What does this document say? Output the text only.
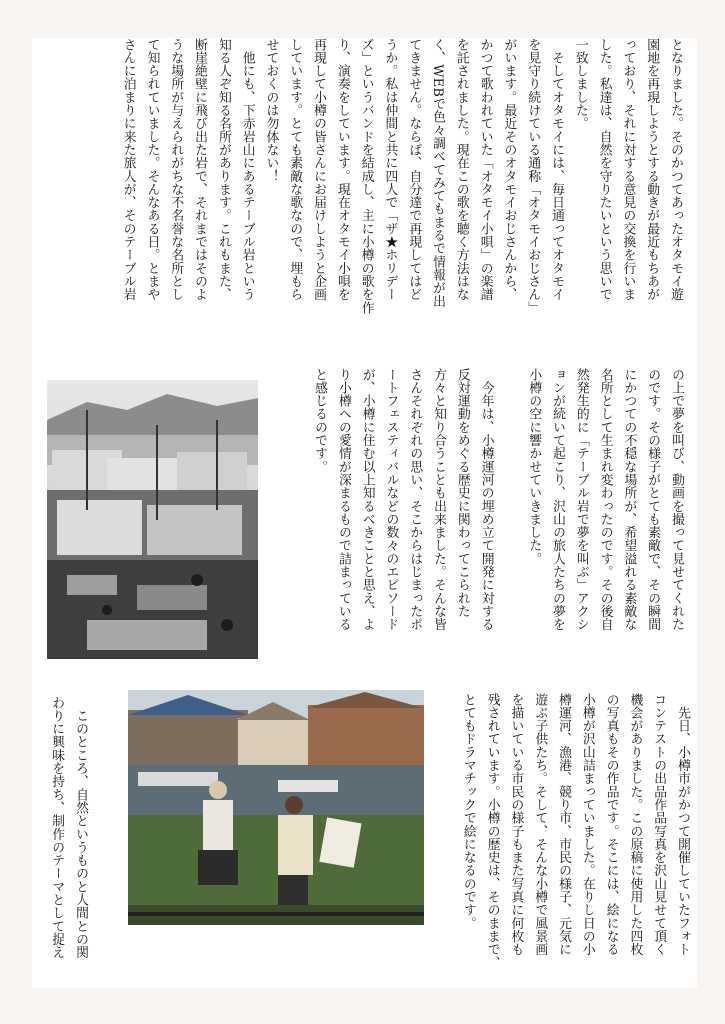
となりました。そのかつてあったオタモイ遊
園地を再現しようとする動きが最近もちあが
っており、それに対する意見の交換を行いま
した。私達は、自然を守りたいという思いで
一致しました。
　そしてオタモイには、毎日通ってオタモイ
を見守り続けている通称「オタモイおじさん」
がいます。最近そのオタモイおじさんから、
かつて歌われていた「オタモイ小唄」の楽譜
を託されました。現在この歌を聴く方法はな
く、WEBで色々調べてみてもまるで情報が出
てきません。ならば、自分達で再現してはど
うか。私は仲間と共に四人で「ザ★ホリデー
ズ」というバンドを結成し、主に小樽の歌を作
り、演奏をしています。現在オタモイ小唄を
再現して小樽の皆さんにお届けしようと企画
しています。とても素敵な歌なので、埋もら
せておくのは勿体ない！
　他にも、下赤岩山にあるテーブル岩という
知る人ぞ知る名所があります。これもまた、
断崖絶壁に飛び出た岩で、それまではそのよ
うな場所が与えられがちな不名誉な名所とし
て知られていました。そんなある日。とまや
さんに泊まりに来た旅人が、そのテーブル岩
の上で夢を叫び、動画を撮って見せてくれた
のです。その様子がとても素敵で、その瞬間
にかつての不穏な場所が、希望溢れる素敵な
名所として生まれ変わったのです。その後自
然発生的に「テーブル岩で夢を叫ぶ」アクシ
ョンが続いて起こり、沢山の旅人たちの夢を
小樽の空に響かせていきました。

　今年は、小樽運河の埋め立て開発に対する
反対運動をめぐる歴史に関わってこられた
方々と知り合うことも出来ました。そんな皆
さんそれぞれの思い、そこからはじまったポ
ートフェスティバルなどの数々のエピソード
が、小樽に住む以上知るべきことと思え、よ
り小樽への愛情が深まるもので詰まっている
と感じるのです。
　先日、小樽市がかつて開催していたフォト
コンテストの出品作品写真を沢山見せて頂く
機会がありました。この原稿に使用した四枚
の写真もその作品です。そこには、絵になる
小樽が沢山詰まっていました。在りし日の小
樽運河、漁港、競り市、市民の様子、元気に
遊ぶ子供たち。そして、そんな小樽で風景画
を描いている市民の様子もまた写真に何枚も
残されています。小樽の歴史は、そのままで、
とてもドラマチックで絵になるのです。
　このところ、自然というものと人間との関
わりに興味を持ち、制作のテーマとして捉え
